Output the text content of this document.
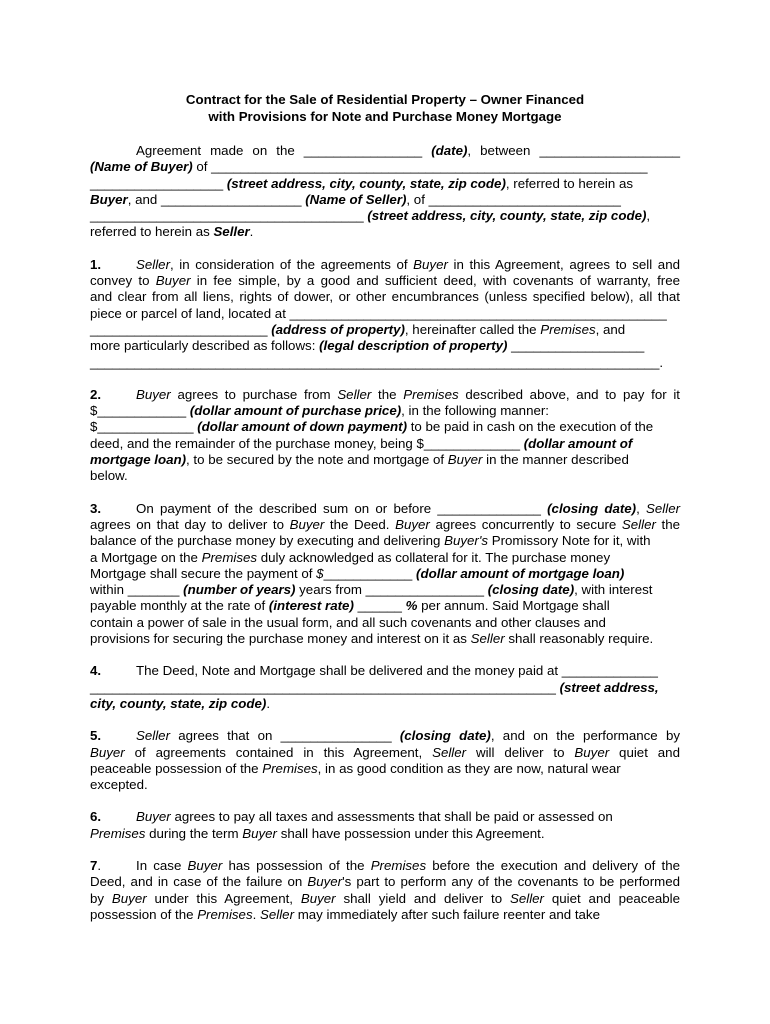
Contract for the Sale of Residential Property – Owner Financed
with Provisions for Note and Purchase Money Mortgage
Agreement made on the ________________ (date), between ___________________
(Name of Buyer) of ___________________________________________________________
__________________ (street address, city, county, state, zip code), referred to herein as
Buyer, and ___________________ (Name of Seller), of __________________________
_____________________________________ (street address, city, county, state, zip code),
referred to herein as Seller.
1.	Seller, in consideration of the agreements of Buyer in this Agreement, agrees to sell and
convey to Buyer in fee simple, by a good and sufficient deed, with covenants of warranty, free
and clear from all liens, rights of dower, or other encumbrances (unless specified below), all that
piece or parcel of land, located at ___________________________________________________
________________________ (address of property), hereinafter called the Premises, and
more particularly described as follows: (legal description of property) __________________
_____________________________________________________________________________.
2.	Buyer agrees to purchase from Seller the Premises described above, and to pay for it
$____________ (dollar amount of purchase price), in the following manner:
$_____________ (dollar amount of down payment) to be paid in cash on the execution of the
deed, and the remainder of the purchase money, being $_____________ (dollar amount of
mortgage loan), to be secured by the note and mortgage of Buyer in the manner described
below.
3.	On payment of the described sum on or before ______________ (closing date), Seller
agrees on that day to deliver to Buyer the Deed. Buyer agrees concurrently to secure Seller the
balance of the purchase money by executing and delivering Buyer's Promissory Note for it, with
a Mortgage on the Premises duly acknowledged as collateral for it. The purchase money
Mortgage shall secure the payment of $____________ (dollar amount of mortgage loan)
within _______ (number of years) years from ________________ (closing date), with interest
payable monthly at the rate of (interest rate) ______ % per annum. Said Mortgage shall
contain a power of sale in the usual form, and all such covenants and other clauses and
provisions for securing the purchase money and interest on it as Seller shall reasonably require.
4.	The Deed, Note and Mortgage shall be delivered and the money paid at _____________
_______________________________________________________________ (street address,
city, county, state, zip code).
5.	Seller agrees that on _______________ (closing date), and on the performance by
Buyer of agreements contained in this Agreement, Seller will deliver to Buyer quiet and
peaceable possession of the Premises, in as good condition as they are now, natural wear
excepted.
6.	Buyer agrees to pay all taxes and assessments that shall be paid or assessed on
Premises during the term Buyer shall have possession under this Agreement.
7.	In case Buyer has possession of the Premises before the execution and delivery of the
Deed, and in case of the failure on Buyer's part to perform any of the covenants to be performed
by Buyer under this Agreement, Buyer shall yield and deliver to Seller quiet and peaceable
possession of the Premises. Seller may immediately after such failure reenter and take
